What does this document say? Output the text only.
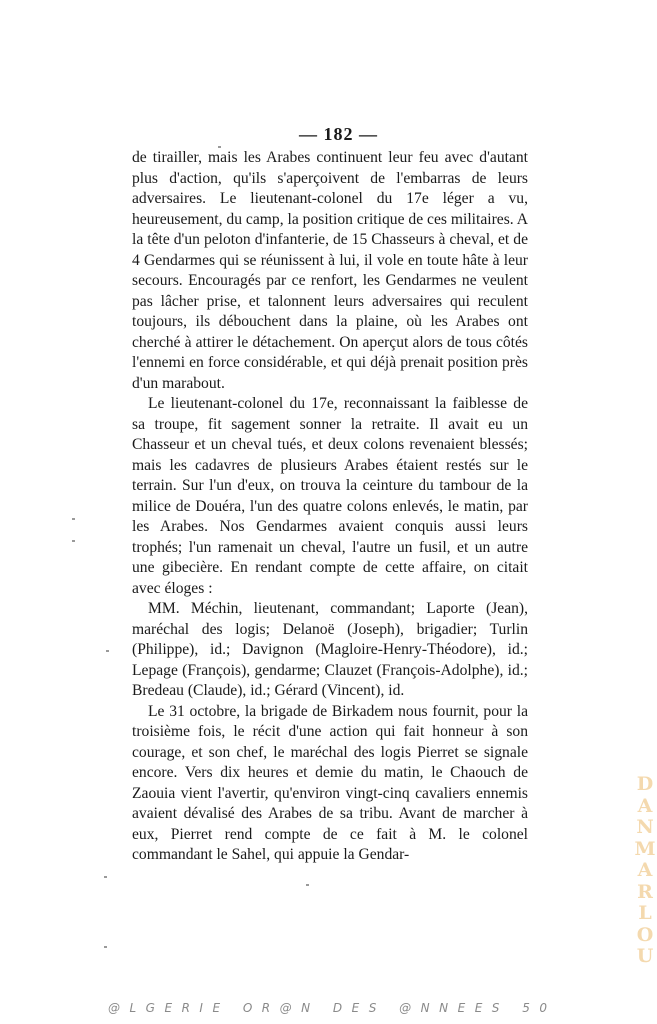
— 182 —

de tirailler, mais les Arabes continuent leur feu avec d'autant plus d'action, qu'ils s'aperçoivent de l'embarras de leurs adversaires. Le lieutenant-colonel du 17e léger a vu, heureusement, du camp, la position critique de ces militaires. A la tête d'un peloton d'infanterie, de 15 Chasseurs à cheval, et de 4 Gendarmes qui se réunissent à lui, il vole en toute hâte à leur secours. Encouragés par ce renfort, les Gendarmes ne veulent pas lâcher prise, et talonnent leurs adversaires qui reculent toujours, ils débouchent dans la plaine, où les Arabes ont cherché à attirer le détachement. On aperçut alors de tous côtés l'ennemi en force considérable, et qui déjà prenait position près d'un marabout.

Le lieutenant-colonel du 17e, reconnaissant la faiblesse de sa troupe, fit sagement sonner la retraite. Il avait eu un Chasseur et un cheval tués, et deux colons revenaient blessés; mais les cadavres de plusieurs Arabes étaient restés sur le terrain. Sur l'un d'eux, on trouva la ceinture du tambour de la milice de Douéra, l'un des quatre colons enlevés, le matin, par les Arabes. Nos Gendarmes avaient conquis aussi leurs trophés; l'un ramenait un cheval, l'autre un fusil, et un autre une gibecière. En rendant compte de cette affaire, on citait avec éloges :

MM. Méchin, lieutenant, commandant; Laporte (Jean), maréchal des logis; Delanoë (Joseph), brigadier; Turlin (Philippe), id.; Davignon (Magloire-Henry-Théodore), id.; Lepage (François), gendarme; Clauzet (François-Adolphe), id.; Bredeau (Claude), id.; Gérard (Vincent), id.

Le 31 octobre, la brigade de Birkadem nous fournit, pour la troisième fois, le récit d'une action qui fait honneur à son courage, et son chef, le maréchal des logis Pierret se signale encore. Vers dix heures et demie du matin, le Chaouch de Zaouia vient l'avertir, qu'environ vingt-cinq cavaliers ennemis avaient dévalisé des Arabes de sa tribu. Avant de marcher à eux, Pierret rend compte de ce fait à M. le colonel commandant le Sahel, qui appuie la Gendar-

D
A
N
M
A
R
L
O
U
@LGERIE OR@N DES @NNEES 50
